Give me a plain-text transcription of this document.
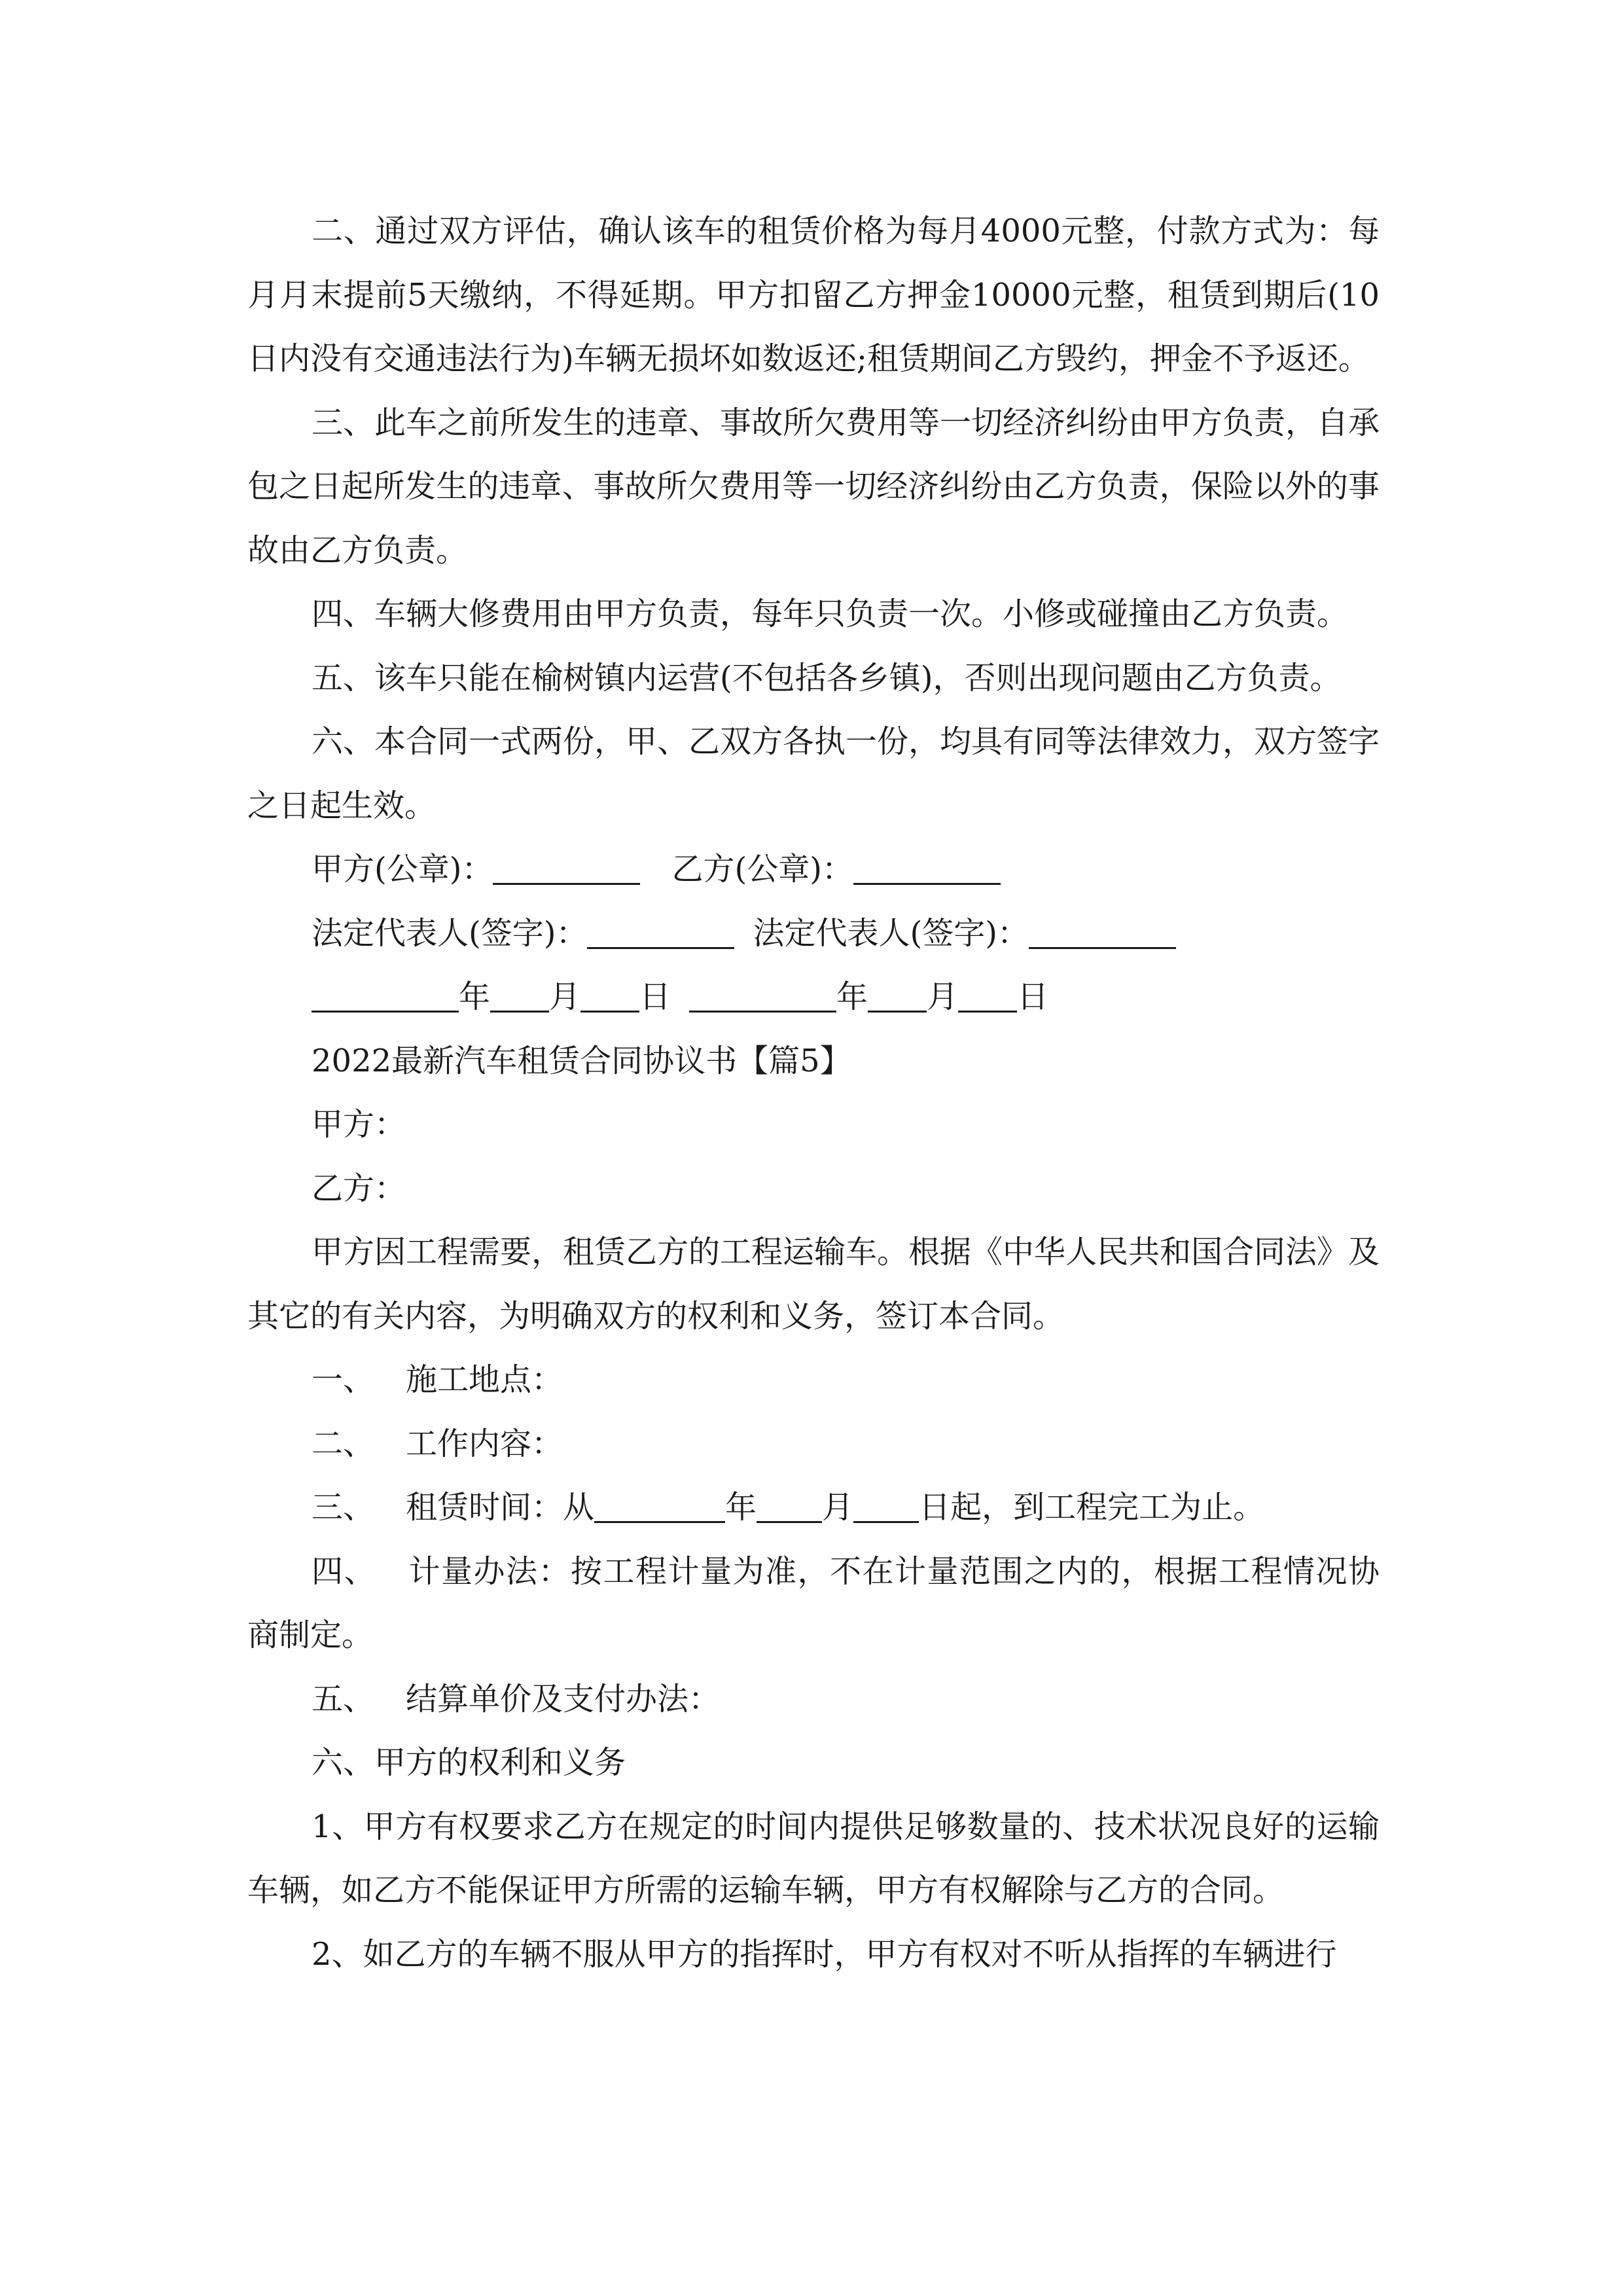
二、通过双方评估，确认该车的租赁价格为每月4000元整，付款方式为：每月月末提前5天缴纳，不得延期。甲方扣留乙方押金10000元整，租赁到期后(10日内没有交通违法行为)车辆无损坏如数返还;租赁期间乙方毁约，押金不予返还。

三、此车之前所发生的违章、事故所欠费用等一切经济纠纷由甲方负责，自承包之日起所发生的违章、事故所欠费用等一切经济纠纷由乙方负责，保险以外的事故由乙方负责。

四、车辆大修费用由甲方负责，每年只负责一次。小修或碰撞由乙方负责。

五、该车只能在榆树镇内运营(不包括各乡镇)，否则出现问题由乙方负责。

六、本合同一式两份，甲、乙双方各执一份，均具有同等法律效力，双方签字之日起生效。

甲方(公章)：	乙方(公章)：

法定代表人(签字)：	法定代表人(签字)：

年 月 日	年 月 日

2022最新汽车租赁合同协议书【篇5】

甲方：

乙方：

甲方因工程需要，租赁乙方的工程运输车。根据《中华人民共和国合同法》及其它的有关内容，为明确双方的权利和义务，签订本合同。

一、 施工地点：

二、 工作内容：

三、 租赁时间：从	年 月 日起，到工程完工为止。

四、 计量办法：按工程计量为准，不在计量范围之内的，根据工程情况协商制定。

五、 结算单价及支付办法：

六、甲方的权利和义务

1、甲方有权要求乙方在规定的时间内提供足够数量的、技术状况良好的运输车辆，如乙方不能保证甲方所需的运输车辆，甲方有权解除与乙方的合同。

2、如乙方的车辆不服从甲方的指挥时，甲方有权对不听从指挥的车辆进行
